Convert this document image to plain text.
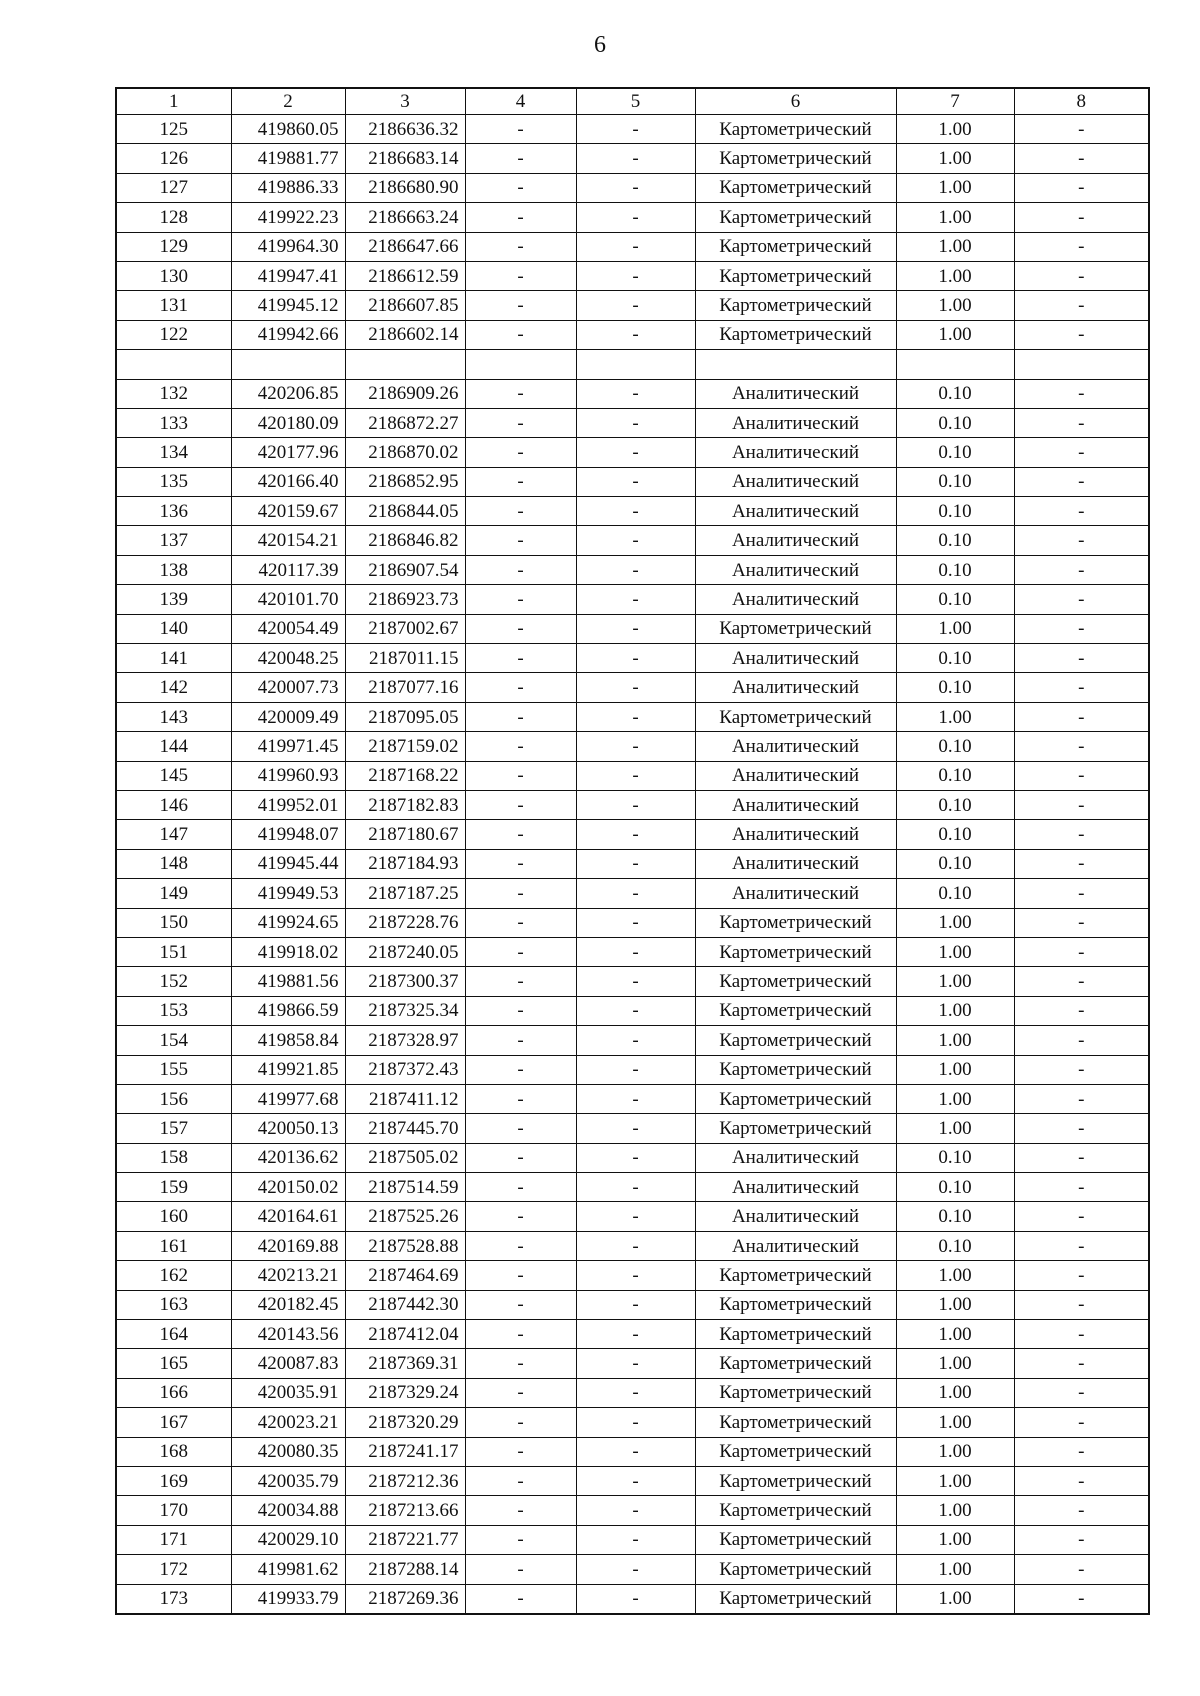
6
1	2	3	4	5	6	7	8
125	419860.05	2186636.32	-	-	Картометрический	1.00	-
126	419881.77	2186683.14	-	-	Картометрический	1.00	-
127	419886.33	2186680.90	-	-	Картометрический	1.00	-
128	419922.23	2186663.24	-	-	Картометрический	1.00	-
129	419964.30	2186647.66	-	-	Картометрический	1.00	-
130	419947.41	2186612.59	-	-	Картометрический	1.00	-
131	419945.12	2186607.85	-	-	Картометрический	1.00	-
122	419942.66	2186602.14	-	-	Картометрический	1.00	-

132	420206.85	2186909.26	-	-	Аналитический	0.10	-
133	420180.09	2186872.27	-	-	Аналитический	0.10	-
134	420177.96	2186870.02	-	-	Аналитический	0.10	-
135	420166.40	2186852.95	-	-	Аналитический	0.10	-
136	420159.67	2186844.05	-	-	Аналитический	0.10	-
137	420154.21	2186846.82	-	-	Аналитический	0.10	-
138	420117.39	2186907.54	-	-	Аналитический	0.10	-
139	420101.70	2186923.73	-	-	Аналитический	0.10	-
140	420054.49	2187002.67	-	-	Картометрический	1.00	-
141	420048.25	2187011.15	-	-	Аналитический	0.10	-
142	420007.73	2187077.16	-	-	Аналитический	0.10	-
143	420009.49	2187095.05	-	-	Картометрический	1.00	-
144	419971.45	2187159.02	-	-	Аналитический	0.10	-
145	419960.93	2187168.22	-	-	Аналитический	0.10	-
146	419952.01	2187182.83	-	-	Аналитический	0.10	-
147	419948.07	2187180.67	-	-	Аналитический	0.10	-
148	419945.44	2187184.93	-	-	Аналитический	0.10	-
149	419949.53	2187187.25	-	-	Аналитический	0.10	-
150	419924.65	2187228.76	-	-	Картометрический	1.00	-
151	419918.02	2187240.05	-	-	Картометрический	1.00	-
152	419881.56	2187300.37	-	-	Картометрический	1.00	-
153	419866.59	2187325.34	-	-	Картометрический	1.00	-
154	419858.84	2187328.97	-	-	Картометрический	1.00	-
155	419921.85	2187372.43	-	-	Картометрический	1.00	-
156	419977.68	2187411.12	-	-	Картометрический	1.00	-
157	420050.13	2187445.70	-	-	Картометрический	1.00	-
158	420136.62	2187505.02	-	-	Аналитический	0.10	-
159	420150.02	2187514.59	-	-	Аналитический	0.10	-
160	420164.61	2187525.26	-	-	Аналитический	0.10	-
161	420169.88	2187528.88	-	-	Аналитический	0.10	-
162	420213.21	2187464.69	-	-	Картометрический	1.00	-
163	420182.45	2187442.30	-	-	Картометрический	1.00	-
164	420143.56	2187412.04	-	-	Картометрический	1.00	-
165	420087.83	2187369.31	-	-	Картометрический	1.00	-
166	420035.91	2187329.24	-	-	Картометрический	1.00	-
167	420023.21	2187320.29	-	-	Картометрический	1.00	-
168	420080.35	2187241.17	-	-	Картометрический	1.00	-
169	420035.79	2187212.36	-	-	Картометрический	1.00	-
170	420034.88	2187213.66	-	-	Картометрический	1.00	-
171	420029.10	2187221.77	-	-	Картометрический	1.00	-
172	419981.62	2187288.14	-	-	Картометрический	1.00	-
173	419933.79	2187269.36	-	-	Картометрический	1.00	-
